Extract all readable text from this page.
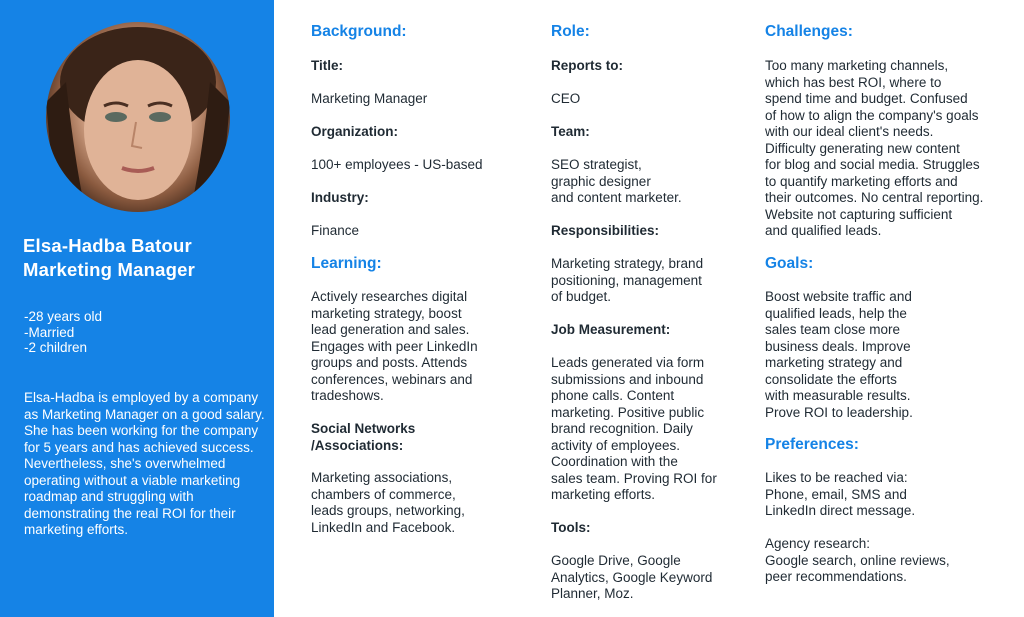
Elsa-Hadba Batour
Marketing Manager
-28 years old
-Married
-2 children
Elsa-Hadba is employed by a company as Marketing Manager on a good salary. She has been working for the company for 5 years and has achieved success. Nevertheless, she's overwhelmed operating without a viable marketing roadmap and struggling with demonstrating the real ROI for their marketing efforts.
Background:
Title:
Marketing Manager
Organization:
100+ employees - US-based
Industry:
Finance
Learning:
Actively researches digital
marketing strategy, boost
lead generation and sales.
Engages with peer LinkedIn
groups and posts. Attends
conferences, webinars and
tradeshows.
Social Networks
/Associations:
Marketing associations,
chambers of commerce,
leads groups, networking,
LinkedIn and Facebook.
Role:
Reports to:
CEO
Team:
SEO strategist,
graphic designer
and content marketer.
Responsibilities:
Marketing strategy, brand
positioning, management
of budget.
Job Measurement:
Leads generated via form
submissions and inbound
phone calls. Content
marketing. Positive public
brand recognition. Daily
activity of employees.
Coordination with the
sales team. Proving ROI for
marketing efforts.
Tools:
Google Drive, Google
Analytics, Google Keyword
Planner, Moz.
Challenges:
Too many marketing channels,
which has best ROI, where to
spend time and budget. Confused
of how to align the company's goals
with our ideal client's needs.
Difficulty generating new content
for blog and social media. Struggles
to quantify marketing efforts and
their outcomes. No central reporting.
Website not capturing sufficient
and qualified leads.
Goals:
Boost website traffic and
qualified leads, help the
sales team close more
business deals. Improve
marketing strategy and
consolidate the efforts
with measurable results.
Prove ROI to leadership.
Preferences:
Likes to be reached via:
Phone, email, SMS and
LinkedIn direct message.
Agency research:
Google search, online reviews,
peer recommendations.
